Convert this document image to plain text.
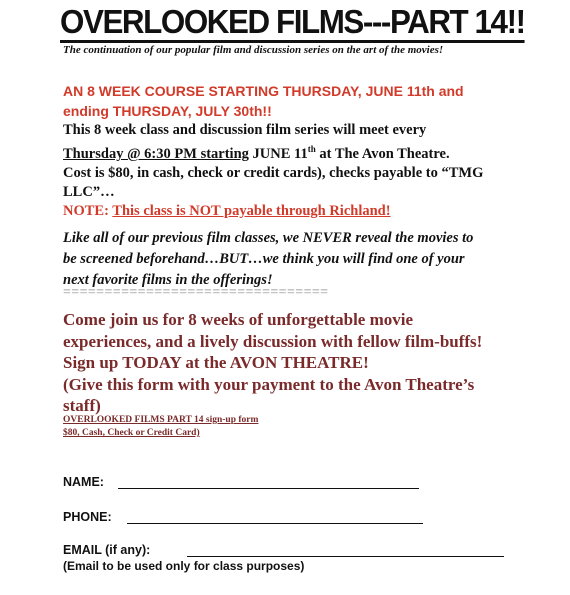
OVERLOOKED FILMS---PART 14!!
The continuation of our popular film and discussion series on the art of the movies!
AN 8 WEEK COURSE STARTING THURSDAY, JUNE 11th and
ending THURSDAY, JULY 30th!!
This 8 week class and discussion film series will meet every
Thursday @ 6:30 PM starting JUNE 11th at The Avon Theatre.
Cost is $80, in cash, check or credit cards), checks payable to “TMG
LLC”…
NOTE: This class is NOT payable through Richland!
Like all of our previous film classes, we NEVER reveal the movies to
be screened beforehand…BUT…we think you will find one of your
next favorite films in the offerings!
================================
Come join us for 8 weeks of unforgettable movie
experiences, and a lively discussion with fellow film-buffs!
Sign up TODAY at the AVON THEATRE!
(Give this form with your payment to the Avon Theatre’s
staff)
OVERLOOKED FILMS PART 14 sign-up form
$80, Cash, Check or Credit Card)
NAME:
PHONE:
EMAIL (if any):
(Email to be used only for class purposes)
